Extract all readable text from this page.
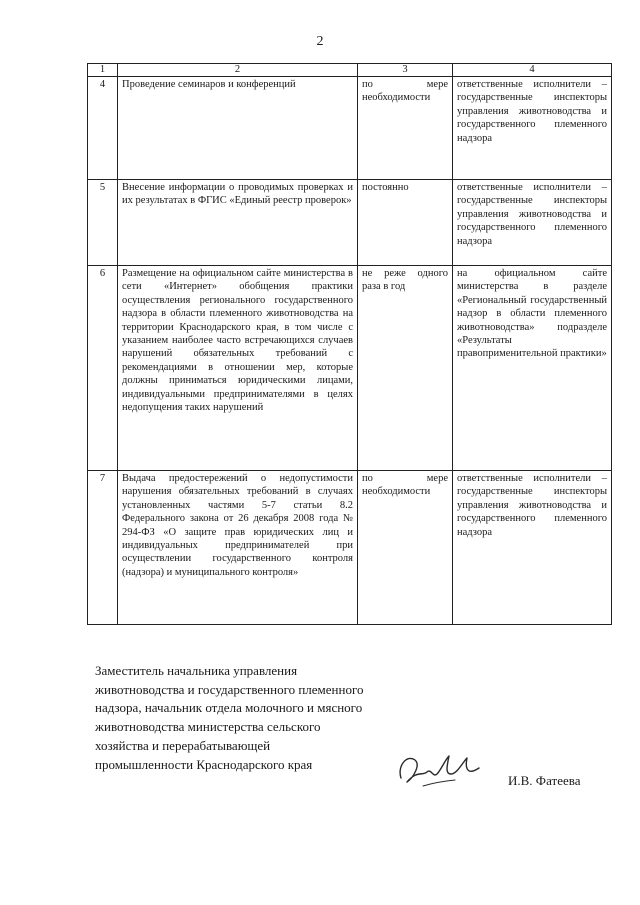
2
1	2	3	4
4	Проведение семинаров и конференций	по мере необходимости	ответственные исполнители – государственные инспекторы управления животноводства и государственного племенного надзора
5	Внесение информации о проводимых проверках и их результатах в ФГИС «Единый реестр проверок»	постоянно	ответственные исполнители – государственные инспекторы управления животноводства и государственного племенного надзора
6	Размещение на официальном сайте министерства в сети «Интернет» обобщения практики осуществления регионального государственного надзора в области племенного животноводства на территории Краснодарского края, в том числе с указанием наиболее часто встречающихся случаев нарушений обязательных требований с рекомендациями в отношении мер, которые должны приниматься юридическими лицами, индивидуальными предпринимателями в целях недопущения таких нарушений	не реже одного раза в год	на официальном сайте министерства в разделе «Региональный государственный надзор в области племенного животноводства» подразделе «Результаты правоприменительной практики»
7	Выдача предостережений о недопустимости нарушения обязательных требований в случаях установленных частями 5-7 статьи 8.2 Федерального закона от 26 декабря 2008 года № 294-ФЗ «О защите прав юридических лиц и индивидуальных предпринимателей при осуществлении государственного контроля (надзора) и муниципального контроля»	по мере необходимости	ответственные исполнители – государственные инспекторы управления животноводства и государственного племенного надзора
Заместитель начальника управления животноводства и государственного племенного надзора, начальник отдела молочного и мясного животноводства министерства сельского хозяйства и перерабатывающей промышленности Краснодарского края
И.В. Фатеева
